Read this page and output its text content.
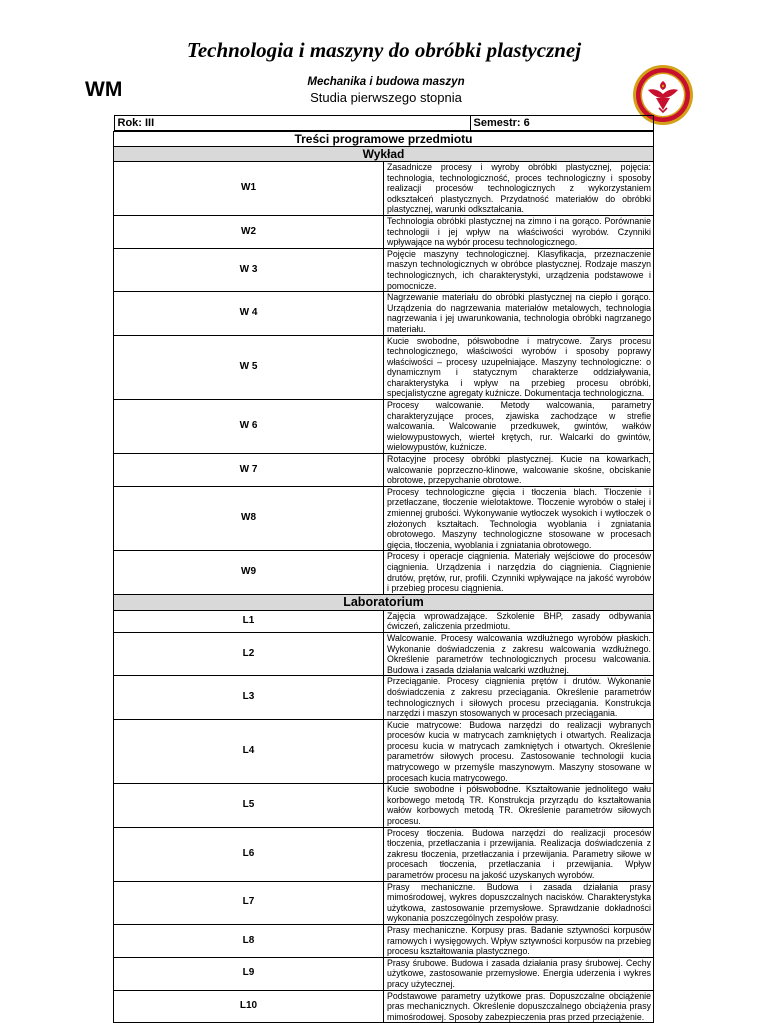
Technologia i maszyny do obróbki plastycznej
WM	Mechanika i budowa maszyn
Studia pierwszego stopnia
Rok: III Semestr: 6	

Treści programowe przedmiotu	
Wykład	
W1	Zasadnicze procesy i wyroby obróbki plastycznej, pojęcia: technologia, technologiczność, proces technologiczny i sposoby realizacji procesów technologicznych z wykorzystaniem odkształceń plastycznych. Przydatność materiałów do obróbki plastycznej, warunki odkształcania.
W2	Technologia obróbki plastycznej na zimno i na gorąco. Porównanie technologii i jej wpływ na właściwości wyrobów. Czynniki wpływające na wybór procesu technologicznego.
W 3	Pojęcie maszyny technologicznej. Klasyfikacja, przeznaczenie maszyn technologicznych w obróbce plastycznej. Rodzaje maszyn technologicznych, ich charakterystyki, urządzenia podstawowe i pomocnicze.
W 4	Nagrzewanie materiału do obróbki plastycznej na ciepło i gorąco. Urządzenia do nagrzewania materiałów metalowych, technologia nagrzewania i jej uwarunkowania, technologia obróbki nagrzanego materiału.
W 5	Kucie swobodne, półswobodne i matrycowe. Zarys procesu technologicznego, właściwości wyrobów i sposoby poprawy właściwości – procesy uzupełniające. Maszyny technologiczne: o dynamicznym i statycznym charakterze oddziaływania, charakterystyka i wpływ na przebieg procesu obróbki, specjalistyczne agregaty kuźnicze. Dokumentacja technologiczna.
W 6	Procesy walcowanie. Metody walcowania, parametry charakteryzujące proces, zjawiska zachodzące w strefie walcowania. Walcowanie przedkuwek, gwintów, wałków wielowypustowych, wierteł krętych, rur. Walcarki do gwintów, wielowypustów, kuźnicze.
W 7	Rotacyjne procesy obróbki plastycznej. Kucie na kowarkach, walcowanie poprzeczno-klinowe, walcowanie skośne, obciskanie obrotowe, przepychanie obrotowe.
W8	Procesy technologiczne gięcia i tłoczenia blach. Tłoczenie i przetłaczane, tłoczenie wielotaktowe. Tłoczenie wyrobów o stałej i zmiennej grubości. Wykonywanie wytłoczek wysokich i wytłoczek o złożonych kształtach. Technologia wyoblania i zgniatania obrotowego. Maszyny technologiczne stosowane w procesach gięcia, tłoczenia, wyoblania i zgniatania obrotowego.
W9	Procesy i operacje ciągnienia. Materiały wejściowe do procesów ciągnienia. Urządzenia i narzędzia do ciągnienia. Ciągnienie drutów, prętów, rur, profili. Czynniki wpływające na jakość wyrobów i przebieg procesu ciągnienia.
Laboratorium	
L1	Zajęcia wprowadzające. Szkolenie BHP, zasady odbywania ćwiczeń, zaliczenia przedmiotu.
L2	Walcowanie. Procesy walcowania wzdłużnego wyrobów płaskich. Wykonanie doświadczenia z zakresu walcowania wzdłużnego. Określenie parametrów technologicznych procesu walcowania. Budowa i zasada działania walcarki wzdłużnej.
L3	Przeciąganie. Procesy ciągnienia prętów i drutów. Wykonanie doświadczenia z zakresu przeciągania. Określenie parametrów technologicznych i siłowych procesu przeciągania. Konstrukcja narzędzi i maszyn stosowanych w procesach przeciągania.
L4	Kucie matrycowe: Budowa narzędzi do realizacji wybranych procesów kucia w matrycach zamkniętych i otwartych. Realizacja procesu kucia w matrycach zamkniętych i otwartych. Określenie parametrów siłowych procesu. Zastosowanie technologii kucia matrycowego w przemyśle maszynowym. Maszyny stosowane w procesach kucia matrycowego.
L5	Kucie swobodne i półswobodne. Kształtowanie jednolitego wału korbowego metodą TR. Konstrukcja przyrządu do kształtowania wałów korbowych metodą TR. Określenie parametrów siłowych procesu.
L6	Procesy tłoczenia. Budowa narzędzi do realizacji procesów tłoczenia, przetłaczania i przewijania. Realizacja doświadczenia z zakresu tłoczenia, przetłaczania i przewijania. Parametry siłowe w procesach tłoczenia, przetłaczania i przewijania. Wpływ parametrów procesu na jakość uzyskanych wyrobów.
L7	Prasy mechaniczne. Budowa i zasada działania prasy mimośrodowej, wykres dopuszczalnych nacisków. Charakterystyka użytkowa, zastosowanie przemysłowe. Sprawdzanie dokładności wykonania poszczególnych zespołów prasy.
L8	Prasy mechaniczne. Korpusy pras. Badanie sztywności korpusów ramowych i wysięgowych. Wpływ sztywności korpusów na przebieg procesu kształtowania plastycznego.
L9	Prasy śrubowe. Budowa i zasada działania prasy śrubowej. Cechy użytkowe, zastosowanie przemysłowe. Energia uderzenia i wykres pracy użytecznej.
L10	Podstawowe parametry użytkowe pras. Dopuszczalne obciążenie pras mechanicznych. Określenie dopuszczalnego obciążenia prasy mimośrodowej. Sposoby zabezpieczenia pras przed przeciążenie.
